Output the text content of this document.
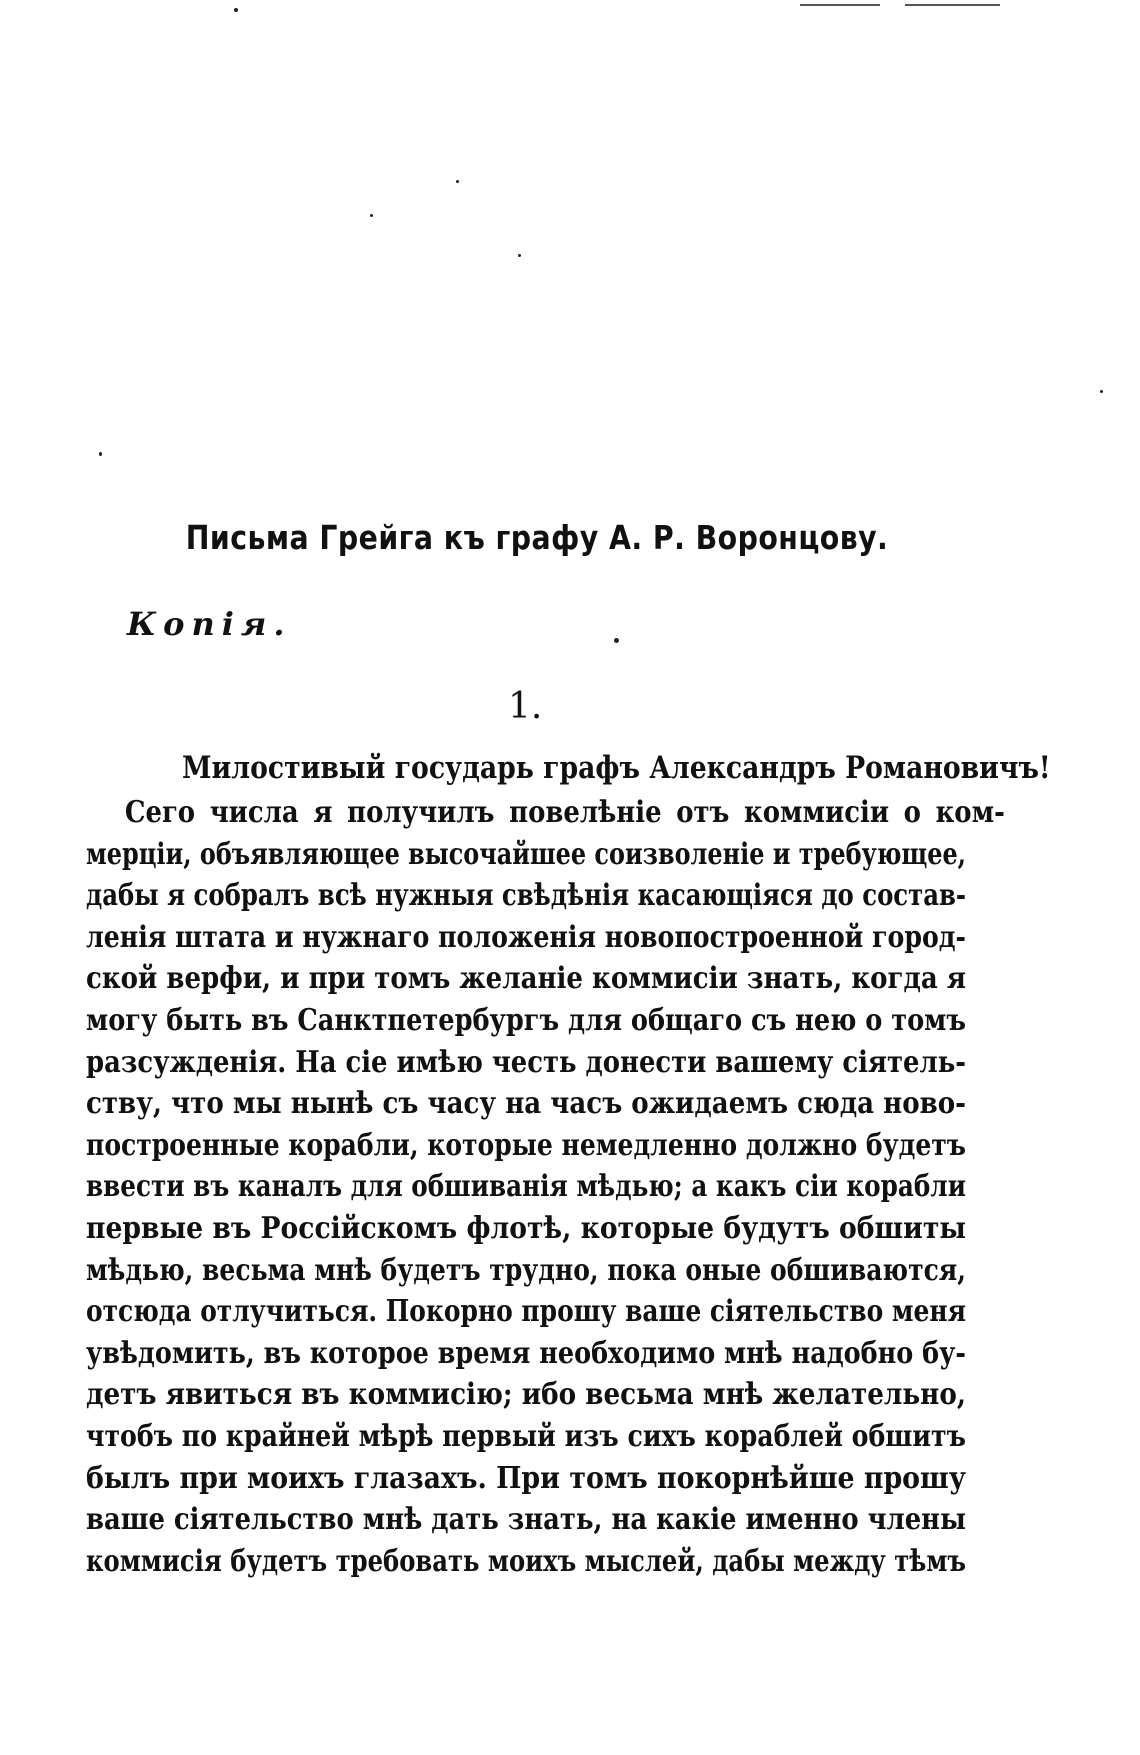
Письма Грейга къ графу А. Р. Воронцову.
Копія.
1.
Милостивый государь графъ Александръ Романовичъ!
Сего числа я получилъ повелѣніе отъ коммисіи о ком-
мерціи, объявляющее высочайшее соизволеніе и требующее,
дабы я собралъ всѣ нужныя свѣдѣнія касающіяся до состав-
ленія штата и нужнаго положенія новопостроенной город-
ской верфи, и при томъ желаніе коммисіи знать, когда я
могу быть въ Санктпетербургъ для общаго съ нею о томъ
разсужденія. На сіе имѣю честь донести вашему сіятель-
ству, что мы нынѣ съ часу на часъ ожидаемъ сюда ново-
построенные корабли, которые немедленно должно будетъ
ввести въ каналъ для обшиванія мѣдью; а какъ сіи корабли
первые въ Россійскомъ флотѣ, которые будутъ обшиты
мѣдью, весьма мнѣ будетъ трудно, пока оные обшиваются,
отсюда отлучиться. Покорно прошу ваше сіятельство меня
увѣдомить, въ которое время необходимо мнѣ надобно бу-
детъ явиться въ коммисію; ибо весьма мнѣ желательно,
чтобъ по крайней мѣрѣ первый изъ сихъ кораблей обшитъ
былъ при моихъ глазахъ. При томъ покорнѣйше прошу
ваше сіятельство мнѣ дать знать, на какіе именно члены
коммисія будетъ требовать моихъ мыслей, дабы между тѣмъ
